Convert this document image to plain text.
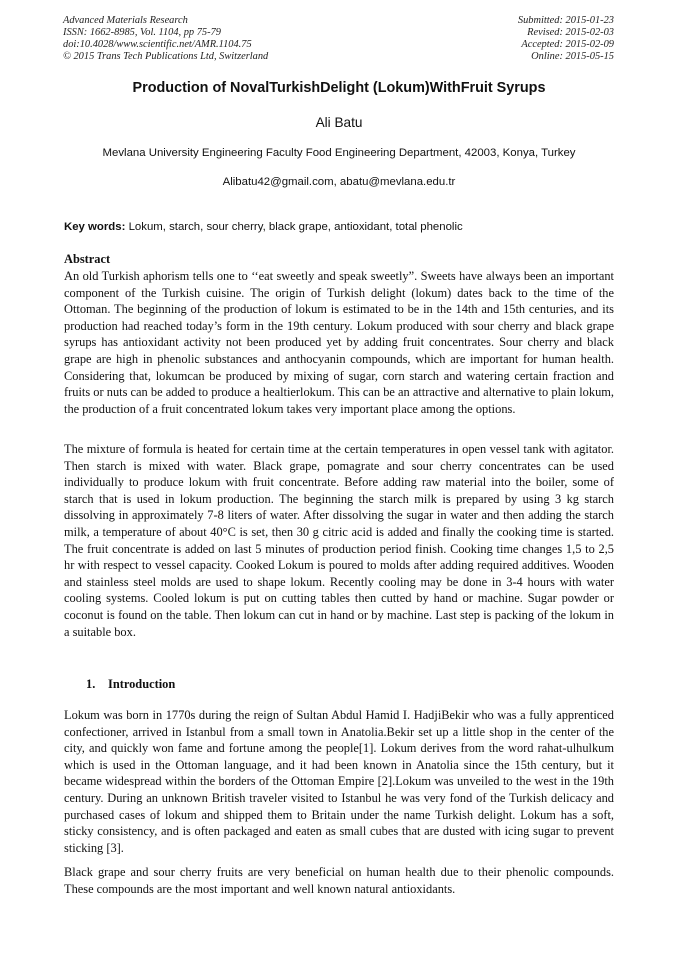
Advanced Materials Research
ISSN: 1662-8985, Vol. 1104, pp 75-79
doi:10.4028/www.scientific.net/AMR.1104.75
© 2015 Trans Tech Publications Ltd, Switzerland
Submitted: 2015-01-23
Revised: 2015-02-03
Accepted: 2015-02-09
Online: 2015-05-15
Production of NovalTurkishDelight (Lokum)WithFruit Syrups
Ali Batu
Mevlana University Engineering Faculty Food Engineering Department, 42003, Konya, Turkey
Alibatu42@gmail.com, abatu@mevlana.edu.tr
Key words: Lokum, starch, sour cherry, black grape, antioxidant, total phenolic
Abstract
An old Turkish aphorism tells one to ‘‘eat sweetly and speak sweetly”. Sweets have always been an important component of the Turkish cuisine. The origin of Turkish delight (lokum) dates back to the time of the Ottoman. The beginning of the production of lokum is estimated to be in the 14th and 15th centuries, and its production had reached today’s form in the 19th century. Lokum produced with sour cherry and black grape syrups has antioxidant activity not been produced yet by adding fruit concentrates. Sour cherry and black grape are high in phenolic substances and anthocyanin compounds, which are important for human health. Considering that, lokumcan be produced by mixing of sugar, corn starch and watering certain fraction and fruits or nuts can be added to produce a healtierlokum. This can be an attractive and alternative to plain lokum, the production of a fruit concentrated lokum takes very important place among the options.
The mixture of formula is heated for certain time at the certain temperatures in open vessel tank with agitator. Then starch is mixed with water. Black grape, pomagrate and sour cherry concentrates can be used individually to produce lokum with fruit concentrate. Before adding raw material into the boiler, some of starch that is used in lokum production. The beginning the starch milk is prepared by using 3 kg starch dissolving in approximately 7-8 liters of water. After dissolving the sugar in water and then adding the starch milk, a temperature of about 40°C is set, then 30 g citric acid is added and finally the cooking time is started. The fruit concentrate is added on last 5 minutes of production period finish. Cooking time changes 1,5 to 2,5 hr with respect to vessel capacity. Cooked Lokum is poured to molds after adding required additives. Wooden and stainless steel molds are used to shape lokum. Recently cooling may be done in 3-4 hours with water cooling systems. Cooled lokum is put on cutting tables then cutted by hand or machine. Sugar powder or coconut is found on the table. Then lokum can cut in hand or by machine. Last step is packing of the lokum in a suitable box.
1. Introduction
Lokum was born in 1770s during the reign of Sultan Abdul Hamid I. HadjiBekir who was a fully apprenticed confectioner, arrived in Istanbul from a small town in Anatolia.Bekir set up a little shop in the center of the city, and quickly won fame and fortune among the people[1]. Lokum derives from the word rahat-ulhulkum which is used in the Ottoman language, and it had been known in Anatolia since the 15th century, but it became widespread within the borders of the Ottoman Empire [2].Lokum was unveiled to the west in the 19th century. During an unknown British traveler visited to Istanbul he was very fond of the Turkish delicacy and purchased cases of lokum and shipped them to Britain under the name Turkish delight. Lokum has a soft, sticky consistency, and is often packaged and eaten as small cubes that are dusted with icing sugar to prevent sticking [3].
Black grape and sour cherry fruits are very beneficial on human health due to their phenolic compounds. These compounds are the most important and well known natural antioxidants.
